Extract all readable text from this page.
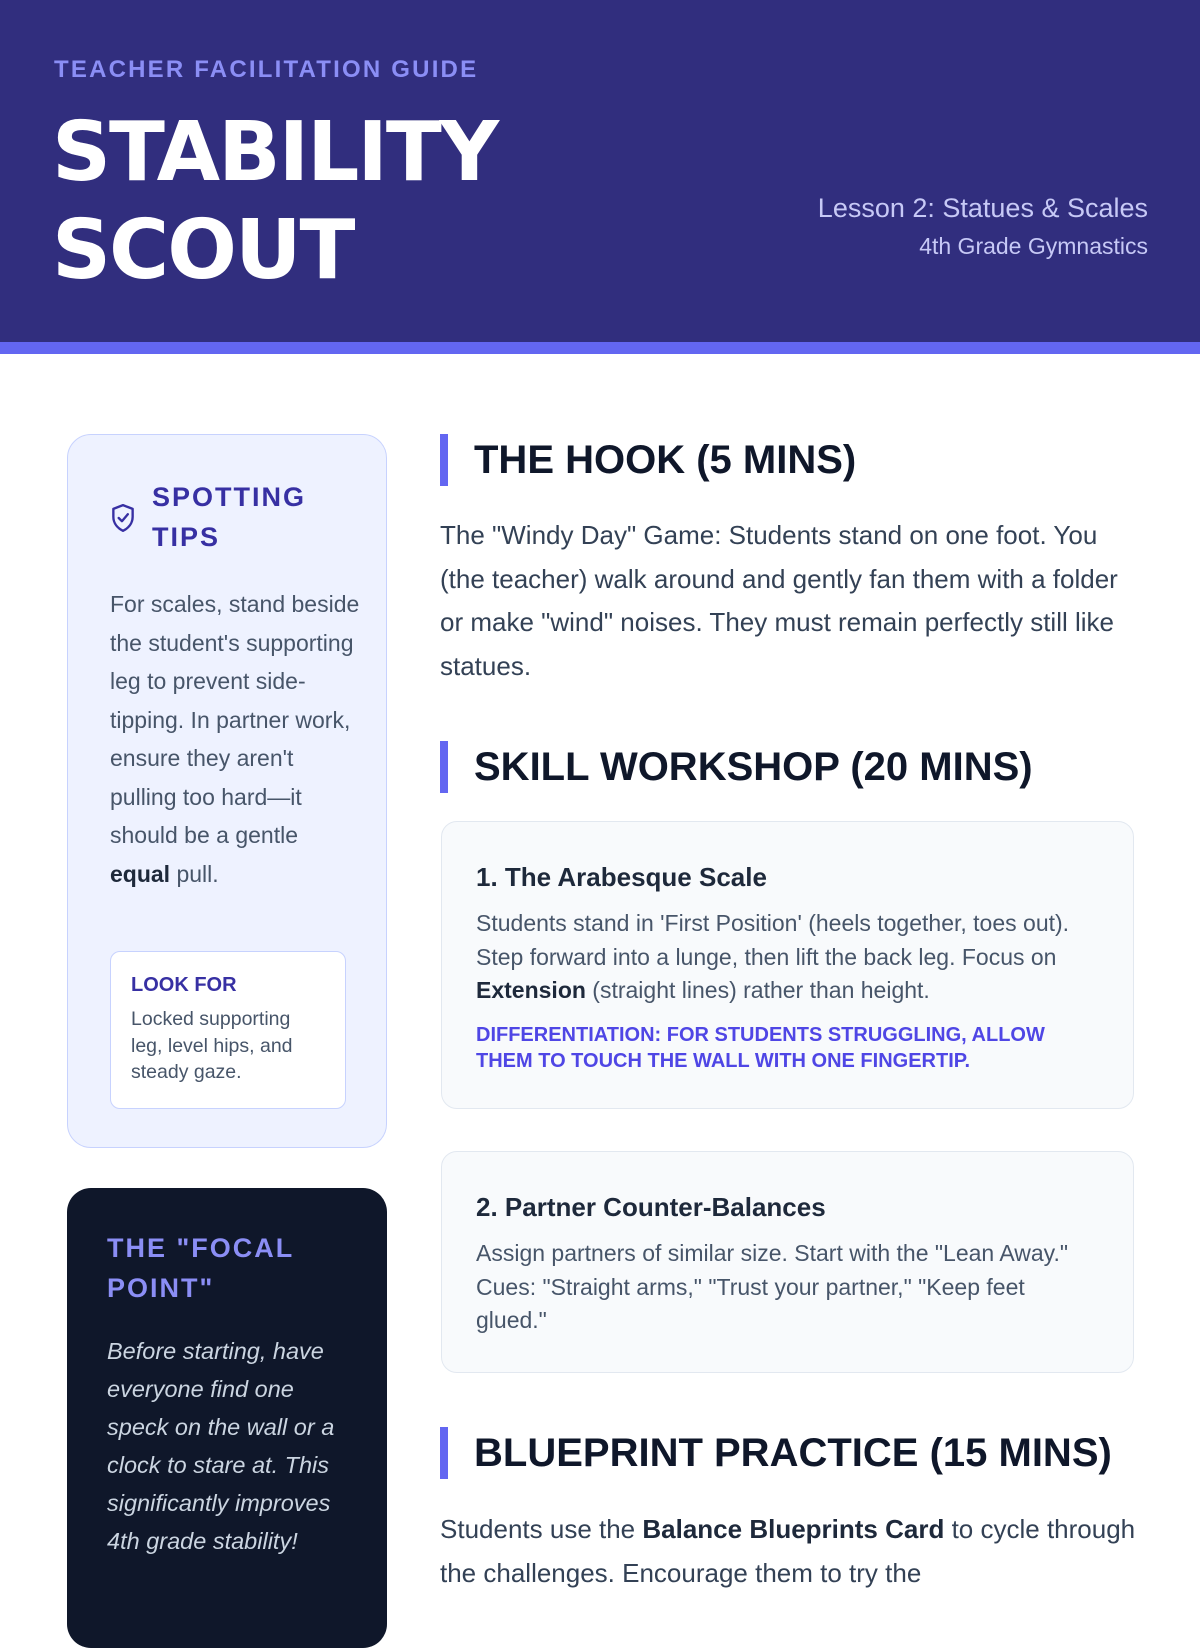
TEACHER FACILITATION GUIDE
STABILITY
SCOUT	Lesson 2: Statues & Scales
4th Grade Gymnastics
SPOTTING TIPS
For scales, stand beside the student's supporting leg to prevent side-tipping. In partner work, ensure they aren't pulling too hard—it should be a gentle equal pull.
LOOK FOR
Locked supporting leg, level hips, and steady gaze.
THE "FOCAL POINT"
Before starting, have everyone find one speck on the wall or a clock to stare at. This significantly improves 4th grade stability!
THE HOOK (5 MINS)
The "Windy Day" Game: Students stand on one foot. You (the teacher) walk around and gently fan them with a folder or make "wind" noises. They must remain perfectly still like statues.
SKILL WORKSHOP (20 MINS)
1. The Arabesque Scale
Students stand in 'First Position' (heels together, toes out). Step forward into a lunge, then lift the back leg. Focus on Extension (straight lines) rather than height.
DIFFERENTIATION: FOR STUDENTS STRUGGLING, ALLOW THEM TO TOUCH THE WALL WITH ONE FINGERTIP.
2. Partner Counter-Balances
Assign partners of similar size. Start with the "Lean Away." Cues: "Straight arms," "Trust your partner," "Keep feet glued."
BLUEPRINT PRACTICE (15 MINS)
Students use the Balance Blueprints Card to cycle through the challenges. Encourage them to try the
